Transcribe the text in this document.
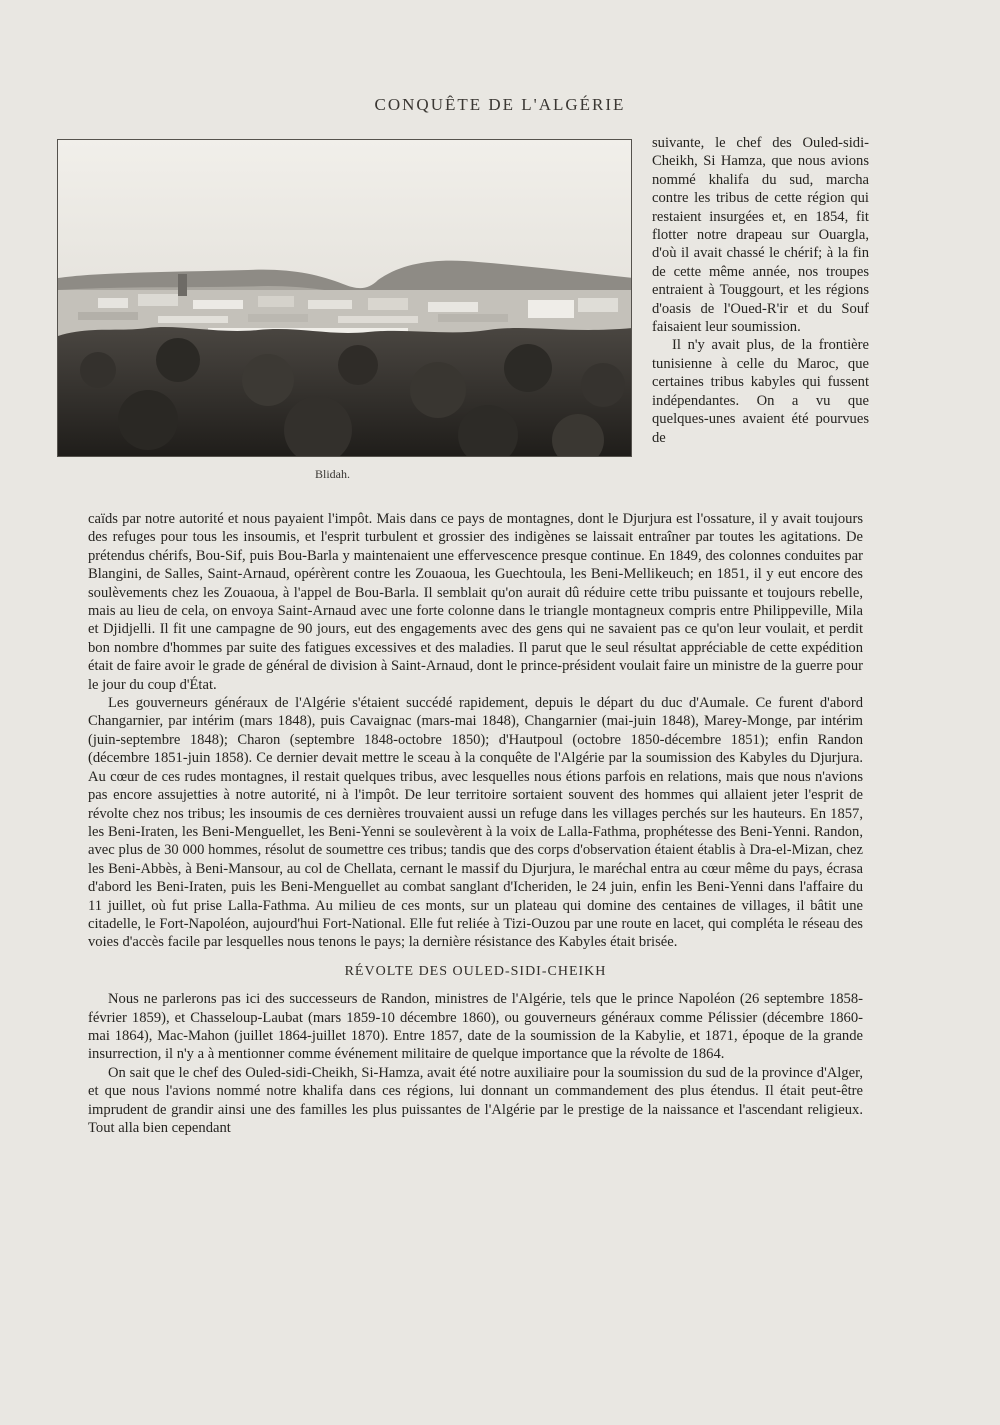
CONQUÊTE DE L'ALGÉRIE
Blidah.

suivante, le chef des Ouled-sidi-Cheikh, Si Hamza, que nous avions nommé khalifa du sud, marcha contre les tribus de cette région qui restaient insurgées et, en 1854, fit flotter notre drapeau sur Ouargla, d'où il avait chassé le chérif; à la fin de cette même année, nos troupes entraient à Touggourt, et les régions d'oasis de l'Oued-R'ir et du Souf faisaient leur soumission.

Il n'y avait plus, de la frontière tunisienne à celle du Maroc, que certaines tribus kabyles qui fussent indépendantes. On a vu que quelques-unes avaient été pourvues de

caïds par notre autorité et nous payaient l'impôt. Mais dans ce pays de montagnes, dont le Djurjura est l'ossature, il y avait toujours des refuges pour tous les insoumis, et l'esprit turbulent et grossier des indigènes se laissait entraîner par toutes les agitations. De prétendus chérifs, Bou-Sif, puis Bou-Barla y maintenaient une effervescence presque continue. En 1849, des colonnes conduites par Blangini, de Salles, Saint-Arnaud, opérèrent contre les Zouaoua, les Guechtoula, les Beni-Mellikeuch; en 1851, il y eut encore des soulèvements chez les Zouaoua, à l'appel de Bou-Barla. Il semblait qu'on aurait dû réduire cette tribu puissante et toujours rebelle, mais au lieu de cela, on envoya Saint-Arnaud avec une forte colonne dans le triangle montagneux compris entre Philippeville, Mila et Djidjelli. Il fit une campagne de 90 jours, eut des engagements avec des gens qui ne savaient pas ce qu'on leur voulait, et perdit bon nombre d'hommes par suite des fatigues excessives et des maladies. Il parut que le seul résultat appréciable de cette expédition était de faire avoir le grade de général de division à Saint-Arnaud, dont le prince-président voulait faire un ministre de la guerre pour le jour du coup d'État.

Les gouverneurs généraux de l'Algérie s'étaient succédé rapidement, depuis le départ du duc d'Aumale. Ce furent d'abord Changarnier, par intérim (mars 1848), puis Cavaignac (mars-mai 1848), Changarnier (mai-juin 1848), Marey-Monge, par intérim (juin-septembre 1848); Charon (septembre 1848-octobre 1850); d'Hautpoul (octobre 1850-décembre 1851); enfin Randon (décembre 1851-juin 1858). Ce dernier devait mettre le sceau à la conquête de l'Algérie par la soumission des Kabyles du Djurjura. Au cœur de ces rudes montagnes, il restait quelques tribus, avec lesquelles nous étions parfois en relations, mais que nous n'avions pas encore assujetties à notre autorité, ni à l'impôt. De leur territoire sortaient souvent des hommes qui allaient jeter l'esprit de révolte chez nos tribus; les insoumis de ces dernières trouvaient aussi un refuge dans les villages perchés sur les hauteurs. En 1857, les Beni-Iraten, les Beni-Menguellet, les Beni-Yenni se soulevèrent à la voix de Lalla-Fathma, prophétesse des Beni-Yenni. Randon, avec plus de 30 000 hommes, résolut de soumettre ces tribus; tandis que des corps d'observation étaient établis à Dra-el-Mizan, chez les Beni-Abbès, à Beni-Mansour, au col de Chellata, cernant le massif du Djurjura, le maréchal entra au cœur même du pays, écrasa d'abord les Beni-Iraten, puis les Beni-Menguellet au combat sanglant d'Icheriden, le 24 juin, enfin les Beni-Yenni dans l'affaire du 11 juillet, où fut prise Lalla-Fathma. Au milieu de ces monts, sur un plateau qui domine des centaines de villages, il bâtit une citadelle, le Fort-Napoléon, aujourd'hui Fort-National. Elle fut reliée à Tizi-Ouzou par une route en lacet, qui compléta le réseau des voies d'accès facile par lesquelles nous tenons le pays; la dernière résistance des Kabyles était brisée.

RÉVOLTE DES OULED-SIDI-CHEIKH

Nous ne parlerons pas ici des successeurs de Randon, ministres de l'Algérie, tels que le prince Napoléon (26 septembre 1858-février 1859), et Chasseloup-Laubat (mars 1859-10 décembre 1860), ou gouverneurs généraux comme Pélissier (décembre 1860-mai 1864), Mac-Mahon (juillet 1864-juillet 1870). Entre 1857, date de la soumission de la Kabylie, et 1871, époque de la grande insurrection, il n'y a à mentionner comme événement militaire de quelque importance que la révolte de 1864.

On sait que le chef des Ouled-sidi-Cheikh, Si-Hamza, avait été notre auxiliaire pour la soumission du sud de la province d'Alger, et que nous l'avions nommé notre khalifa dans ces régions, lui donnant un commandement des plus étendus. Il était peut-être imprudent de grandir ainsi une des familles les plus puissantes de l'Algérie par le prestige de la naissance et l'ascendant religieux. Tout alla bien cependant
